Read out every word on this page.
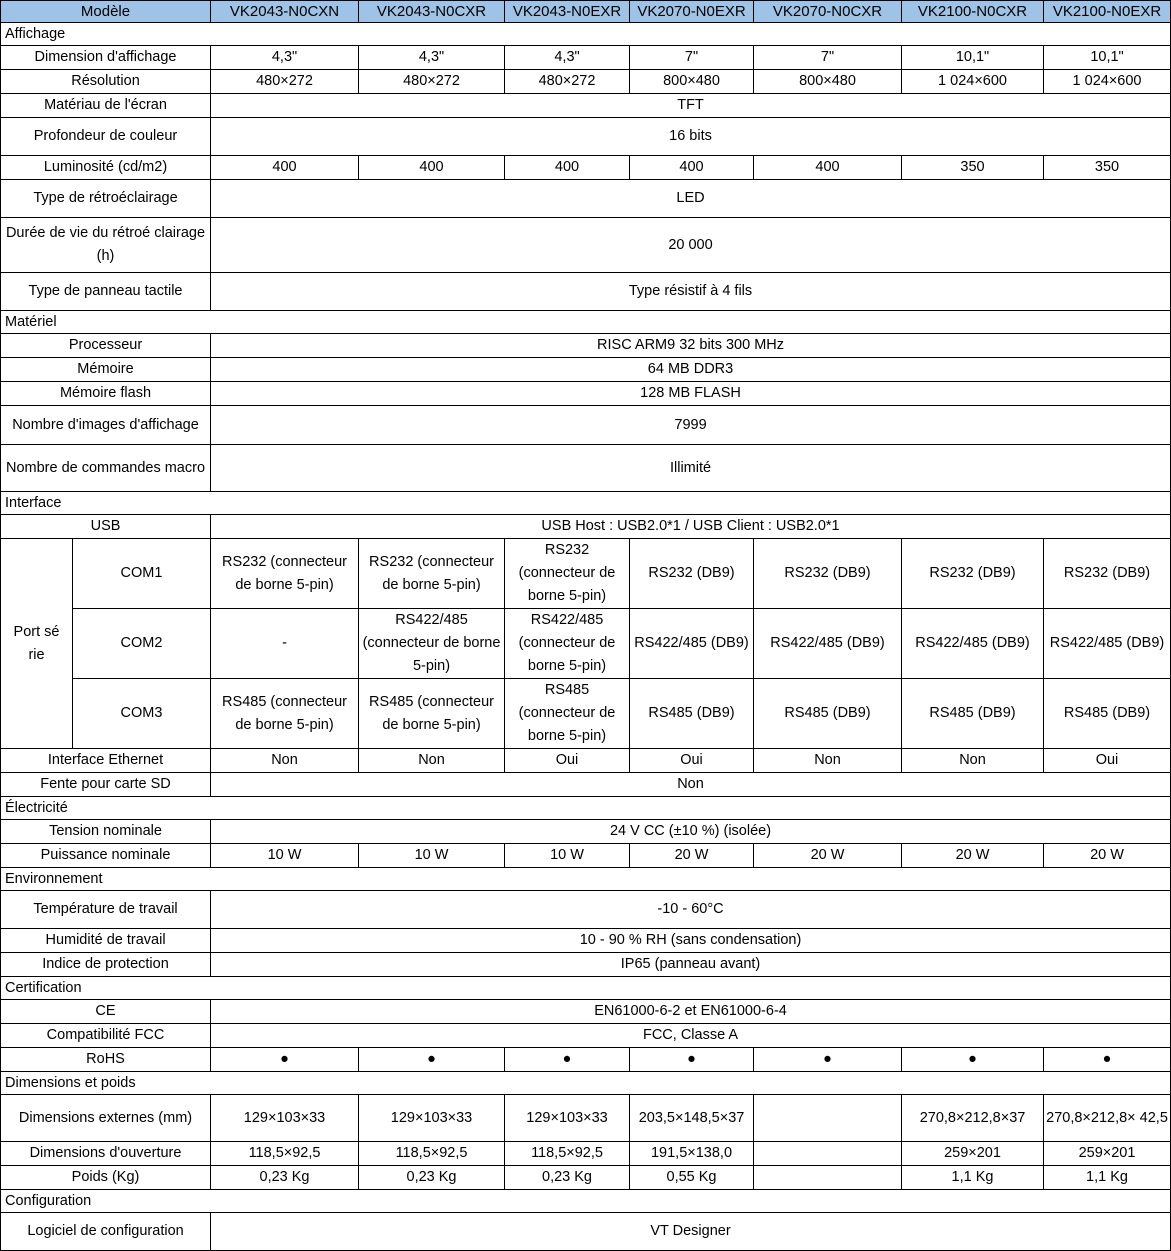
Modèle		VK2043-N0CXN	VK2043-N0CXR	VK2043-N0EXR	VK2070-N0EXR	VK2070-N0CXR	VK2100-N0CXR	VK2100-N0EXR
Affichage								
Dimension d'affichage		4,3"	4,3"	4,3"	7"	7"	10,1"	10,1"
Résolution		480×272	480×272	480×272	800×480	800×480	1 024×600	1 024×600
Matériau de l'écran		TFT						
Profondeur de couleur		16 bits						
Luminosité (cd/m2)		400	400	400	400	400	350	350
Type de rétroéclairage		LED						
Durée de vie du rétroé clairage (h)		20 000						
Type de panneau tactile		Type résistif à 4 fils						
Matériel								
Processeur		RISC ARM9 32 bits 300 MHz						
Mémoire		64 MB DDR3						
Mémoire flash		128 MB FLASH						
Nombre d'images d'affichage		7999						
Nombre de commandes macro		Illimité						
Interface								
USB		USB Host : USB2.0*1 / USB Client : USB2.0*1						
Port sé rie	COM1	RS232 (connecteur de borne 5-pin)	RS232 (connecteur de borne 5-pin)	RS232 (connecteur de borne 5-pin)	RS232 (DB9)	RS232 (DB9)	RS232 (DB9)	RS232 (DB9)
	COM2	-	RS422/485 (connecteur de borne 5-pin)	RS422/485 (connecteur de borne 5-pin)	RS422/485 (DB9)	RS422/485 (DB9)	RS422/485 (DB9)	RS422/485 (DB9)
	COM3	RS485 (connecteur de borne 5-pin)	RS485 (connecteur de borne 5-pin)	RS485 (connecteur de borne 5-pin)	RS485 (DB9)	RS485 (DB9)	RS485 (DB9)	RS485 (DB9)
Interface Ethernet		Non	Non	Oui	Oui	Non	Non	Oui
Fente pour carte SD		Non						
Électricité								
Tension nominale		24 V CC (±10 %) (isolée)						
Puissance nominale		10 W	10 W	10 W	20 W	20 W	20 W	20 W
Environnement								
Température de travail		-10 - 60°C						
Humidité de travail		10 - 90 % RH (sans condensation)						
Indice de protection		IP65 (panneau avant)						
Certification								
CE		EN61000-6-2 et EN61000-6-4						
Compatibilité FCC		FCC, Classe A						
RoHS		●	●	●	●	●	●	●
Dimensions et poids								
Dimensions externes (mm)		129×103×33	129×103×33	129×103×33	203,5×148,5×37		270,8×212,8×37	270,8×212,8× 42,5
Dimensions d'ouverture		118,5×92,5	118,5×92,5	118,5×92,5	191,5×138,0		259×201	259×201
Poids (Kg)		0,23 Kg	0,23 Kg	0,23 Kg	0,55 Kg		1,1 Kg	1,1 Kg
Configuration								
Logiciel de configuration		VT Designer						
